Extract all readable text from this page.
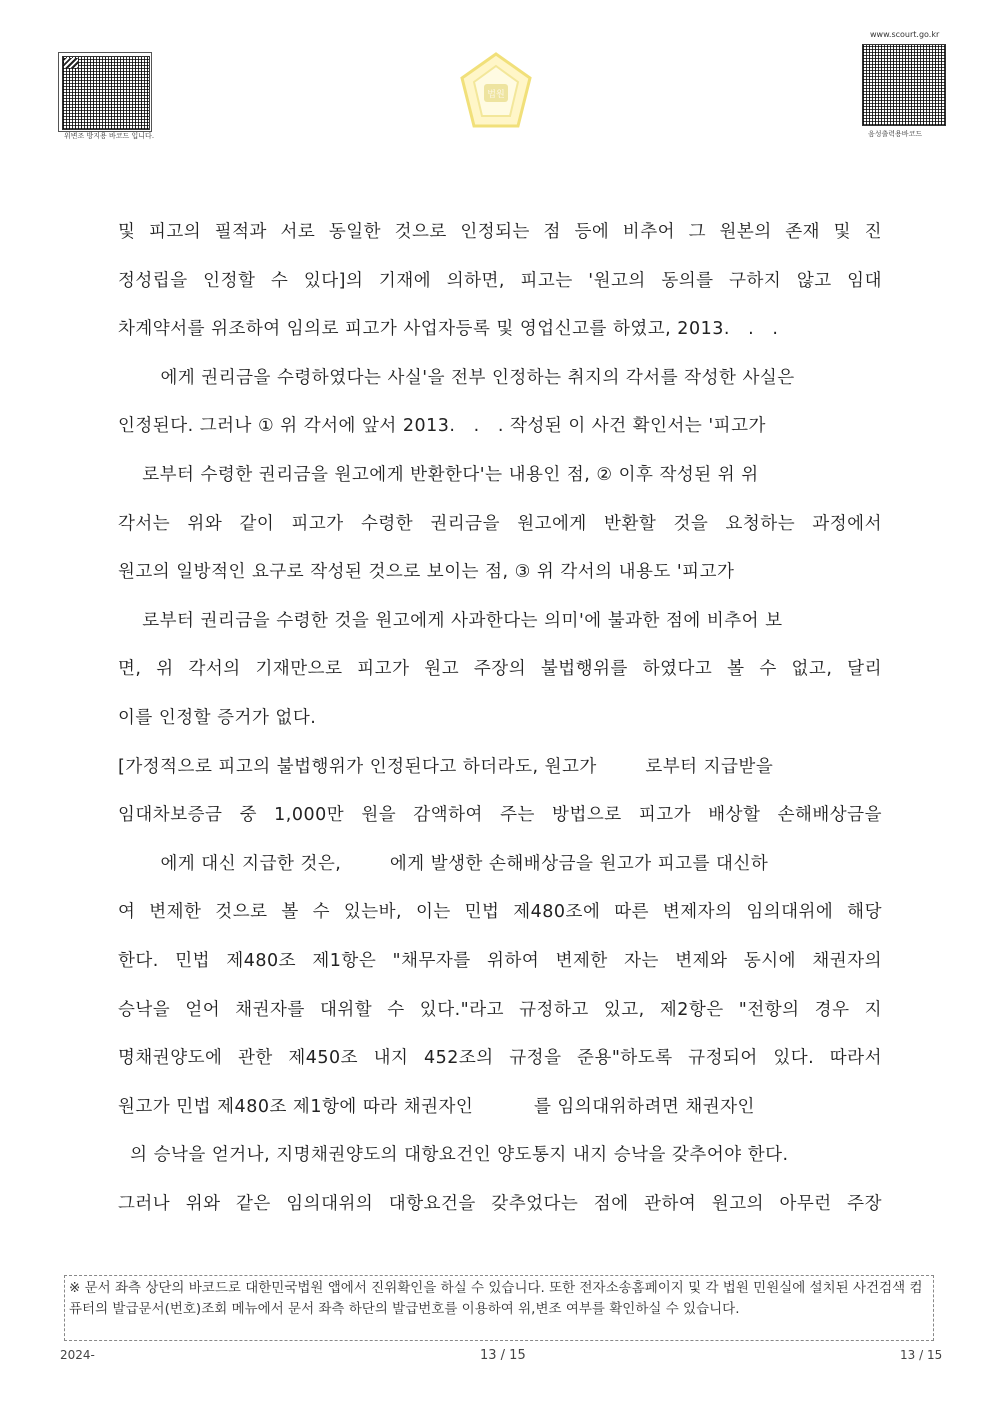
www.scourt.go.kr
위변조 방지용 바코드 입니다.
법원
음성출력용바코드
및 피고의 필적과 서로 동일한 것으로 인정되는 점 등에 비추어 그 원본의 존재 및 진
정성립을 인정할 수 있다]의 기재에 의하면, 피고는 '원고의 동의를 구하지 않고 임대
차계약서를 위조하여 임의로 피고가 사업자등록 및 영업신고를 하였고, 2013.   .   .
에게 권리금을 수령하였다는 사실'을 전부 인정하는 취지의 각서를 작성한 사실은
인정된다. 그러나 ① 위 각서에 앞서 2013.   .   . 작성된 이 사건 확인서는 '피고가
로부터 수령한 권리금을 원고에게 반환한다'는 내용인 점, ② 이후 작성된 위 위
각서는 위와 같이 피고가 수령한 권리금을 원고에게 반환할 것을 요청하는 과정에서
원고의 일방적인 요구로 작성된 것으로 보이는 점, ③ 위 각서의 내용도 '피고가
로부터 권리금을 수령한 것을 원고에게 사과한다는 의미'에 불과한 점에 비추어 보
면, 위 각서의 기재만으로 피고가 원고 주장의 불법행위를 하였다고 볼 수 없고, 달리
이를 인정할 증거가 없다.
[가정적으로 피고의 불법행위가 인정된다고 하더라도, 원고가        로부터 지급받을
임대차보증금 중 1,000만 원을 감액하여 주는 방법으로 피고가 배상할 손해배상금을
에게 대신 지급한 것은,        에게 발생한 손해배상금을 원고가 피고를 대신하
여 변제한 것으로 볼 수 있는바, 이는 민법 제480조에 따른 변제자의 임의대위에 해당
한다. 민법 제480조 제1항은 "채무자를 위하여 변제한 자는 변제와 동시에 채권자의
승낙을 얻어 채권자를 대위할 수 있다."라고 규정하고 있고, 제2항은 "전항의 경우 지
명채권양도에 관한 제450조 내지 452조의 규정을 준용"하도록 규정되어 있다. 따라서
원고가 민법 제480조 제1항에 따라 채권자인          를 임의대위하려면 채권자인
의 승낙을 얻거나, 지명채권양도의 대항요건인 양도통지 내지 승낙을 갖추어야 한다.
그러나 위와 같은 임의대위의 대항요건을 갖추었다는 점에 관하여 원고의 아무런 주장
※ 문서 좌측 상단의 바코드로 대한민국법원 앱에서 진위확인을 하실 수 있습니다. 또한 전자소송홈페이지 및 각 법원 민원실에 설치된 사건검색 컴퓨터의 발급문서(번호)조회 메뉴에서 문서 좌측 하단의 발급번호를 이용하여 위,변조 여부를 확인하실 수 있습니다.
2024-	13 / 15	13 / 15
